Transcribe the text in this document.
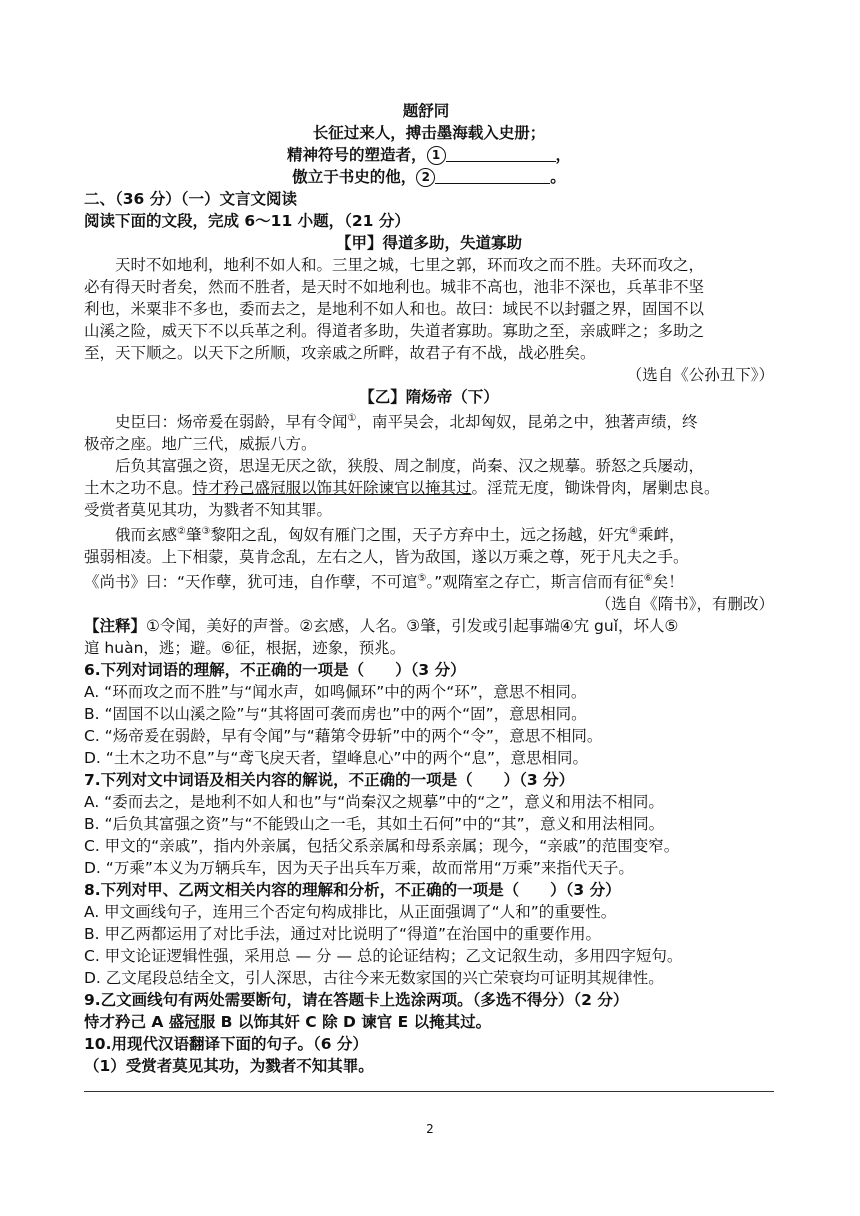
题舒同
长征过来人，搏击墨海载入史册；
精神符号的塑造者， 1	，
傲立于书史的他， 2	。
二、（36 分）（一）文言文阅读
阅读下面的文段，完成 6～11 小题，（21 分）
【甲】得道多助，失道寡助
天时不如地利，地利不如人和。三里之城，七里之郭，环而攻之而不胜。夫环而攻之，
必有得天时者矣，然而不胜者，是天时不如地利也。城非不高也，池非不深也，兵革非不坚
利也，米粟非不多也，委而去之，是地利不如人和也。故曰：域民不以封疆之界，固国不以
山溪之险，威天下不以兵革之利。得道者多助，失道者寡助。寡助之至，亲戚畔之；多助之
至，天下顺之。以天下之所顺，攻亲戚之所畔，故君子有不战，战必胜矣。
（选自《公孙丑下》）
【乙】隋炀帝（下）
史臣曰：炀帝爰在弱龄，早有令闻①，南平吴会，北却匈奴，昆弟之中，独著声绩，终
极帝之座。地广三代，威振八方。
后负其富强之资，思逞无厌之欲，狭殷、周之制度，尚秦、汉之规摹。骄怒之兵屡动，
土木之功不息。恃才矜己盛冠服以饰其奸除谏官以掩其过。淫荒无度，锄诛骨肉，屠剿忠良。
受赏者莫见其功，为戮者不知其罪。
俄而玄感②肇③黎阳之乱，匈奴有雁门之围，天子方弃中土，远之扬越，奸宄④乘衅，
强弱相凌。上下相蒙，莫肯念乱，左右之人，皆为敌国，遂以万乘之尊，死于凡夫之手。
《尚书》曰：“天作孽，犹可违，自作孽，不可逭⑤。”观隋室之存亡，斯言信而有征⑥矣！
（选自《隋书》，有删改）
【注释】①令闻，美好的声誉。②玄感，人名。③肇，引发或引起事端④宄 guǐ，坏人⑤
逭 huàn，逃；避。⑥征，根据，迹象，预兆。
6.下列对词语的理解，不正确的一项是（　　）（3 分）
A. “环而攻之而不胜”与“闻水声，如鸣佩环”中的两个“环”，意思不相同。
B. “固国不以山溪之险”与“其将固可袭而虏也”中的两个“固”，意思相同。
C. “炀帝爰在弱龄，早有令闻”与“藉第令毋斩”中的两个“令”，意思不相同。
D. “土木之功不息”与“鸢飞戾天者，望峰息心”中的两个“息”，意思相同。
7.下列对文中词语及相关内容的解说，不正确的一项是（　　）（3 分）
A. “委而去之，是地利不如人和也”与“尚秦汉之规摹”中的“之”，意义和用法不相同。
B. “后负其富强之资”与“不能毁山之一毛，其如土石何”中的“其”，意义和用法相同。
C. 甲文的“亲戚”，指内外亲属，包括父系亲属和母系亲属；现今，“亲戚”的范围变窄。
D. “万乘”本义为万辆兵车，因为天子出兵车万乘，故而常用“万乘”来指代天子。
8.下列对甲、乙两文相关内容的理解和分析，不正确的一项是（　　）（3 分）
A. 甲文画线句子，连用三个否定句构成排比，从正面强调了“人和”的重要性。
B. 甲乙两都运用了对比手法，通过对比说明了“得道”在治国中的重要作用。
C. 甲文论证逻辑性强，采用总 — 分 — 总的论证结构；乙文记叙生动，多用四字短句。
D. 乙文尾段总结全文，引人深思，古往今来无数家国的兴亡荣衰均可证明其规律性。
9.乙文画线句有两处需要断句，请在答题卡上选涂两项。（多选不得分）（2 分）
恃才矜己 A 盛冠服 B 以饰其奸 C 除 D 谏官 E 以掩其过。
10.用现代汉语翻译下面的句子。（6 分）
（1）受赏者莫见其功，为戮者不知其罪。
2
